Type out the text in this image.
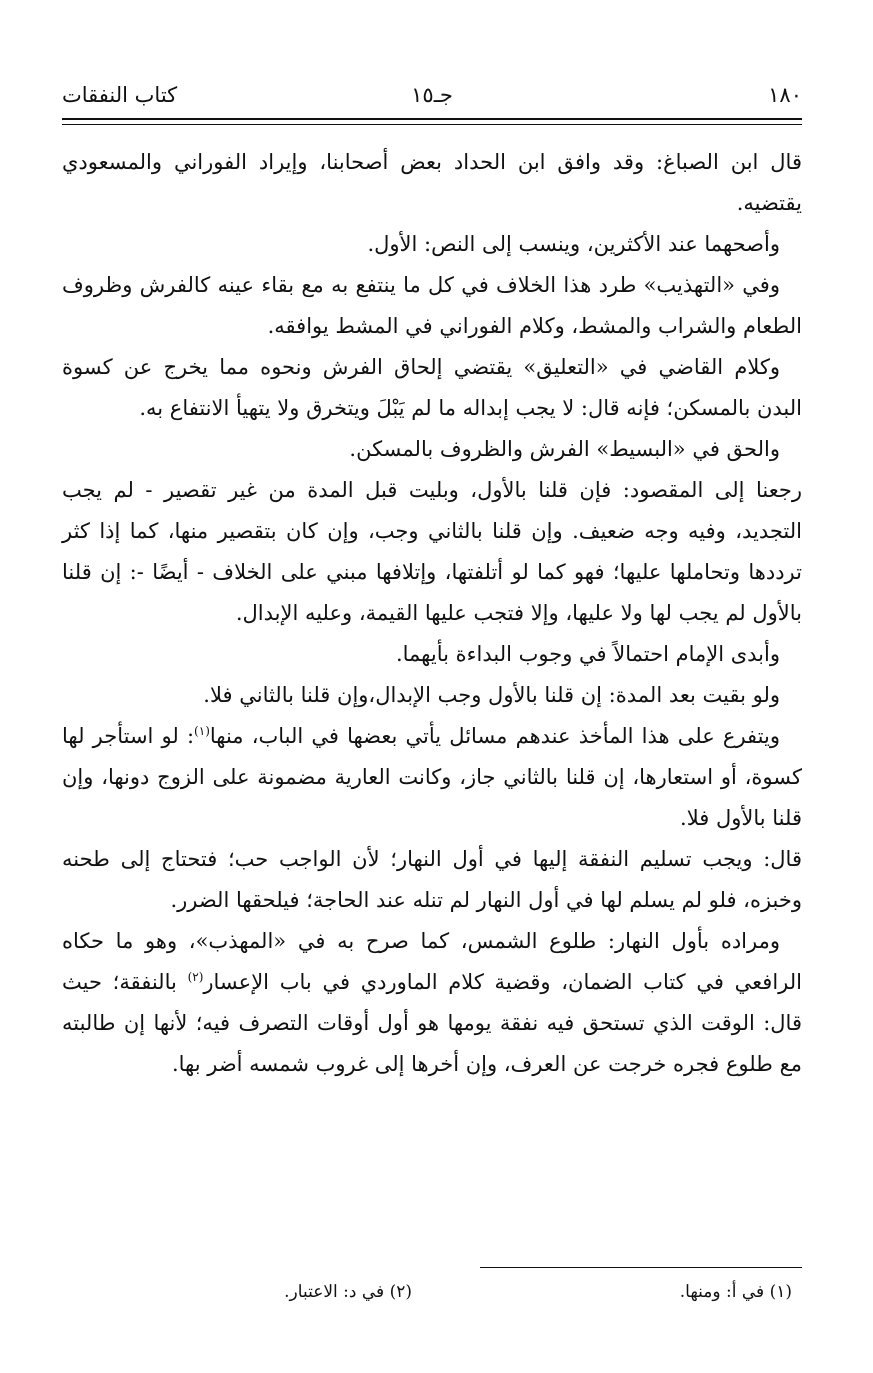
١٨٠
جـ١٥
كتاب النفقات

قال ابن الصباغ: وقد وافق ابن الحداد بعض أصحابنا، وإيراد الفوراني والمسعودي يقتضيه.

وأصحهما عند الأكثرين، وينسب إلى النص: الأول.

وفي «التهذيب» طرد هذا الخلاف في كل ما ينتفع به مع بقاء عينه كالفرش وظروف الطعام والشراب والمشط، وكلام الفوراني في المشط يوافقه.

وكلام القاضي في «التعليق» يقتضي إلحاق الفرش ونحوه مما يخرج عن كسوة البدن بالمسكن؛ فإنه قال: لا يجب إبداله ما لم يَبْلَ ويتخرق ولا يتهيأ الانتفاع به.

والحق في «البسيط» الفرش والظروف بالمسكن.

رجعنا إلى المقصود: فإن قلنا بالأول، وبليت قبل المدة من غير تقصير - لم يجب التجديد، وفيه وجه ضعيف. وإن قلنا بالثاني وجب، وإن كان بتقصير منها، كما إذا كثر ترددها وتحاملها عليها؛ فهو كما لو أتلفتها، وإتلافها مبني على الخلاف - أيضًا -: إن قلنا بالأول لم يجب لها ولا عليها، وإلا فتجب عليها القيمة، وعليه الإبدال.

وأبدى الإمام احتمالاً في وجوب البداءة بأيهما.

ولو بقيت بعد المدة: إن قلنا بالأول وجب الإبدال،وإن قلنا بالثاني فلا.

ويتفرع على هذا المأخذ عندهم مسائل يأتي بعضها في الباب، منها$^{(١)}$: لو استأجر لها كسوة، أو استعارها، إن قلنا بالثاني جاز، وكانت العارية مضمونة على الزوج دونها، وإن قلنا بالأول فلا.

قال: ويجب تسليم النفقة إليها في أول النهار؛ لأن الواجب حب؛ فتحتاج إلى طحنه وخبزه، فلو لم يسلم لها في أول النهار لم تنله عند الحاجة؛ فيلحقها الضرر.

ومراده بأول النهار: طلوع الشمس، كما صرح به في «المهذب»، وهو ما حكاه الرافعي في كتاب الضمان، وقضية كلام الماوردي في باب الإعسار$^{(٢)}$ بالنفقة؛ حيث قال: الوقت الذي تستحق فيه نفقة يومها هو أول أوقات التصرف فيه؛ لأنها إن طالبته مع طلوع فجره خرجت عن العرف، وإن أخرها إلى غروب شمسه أضر بها.

(١) في أ: ومنها.
(٢) في د: الاعتبار.
